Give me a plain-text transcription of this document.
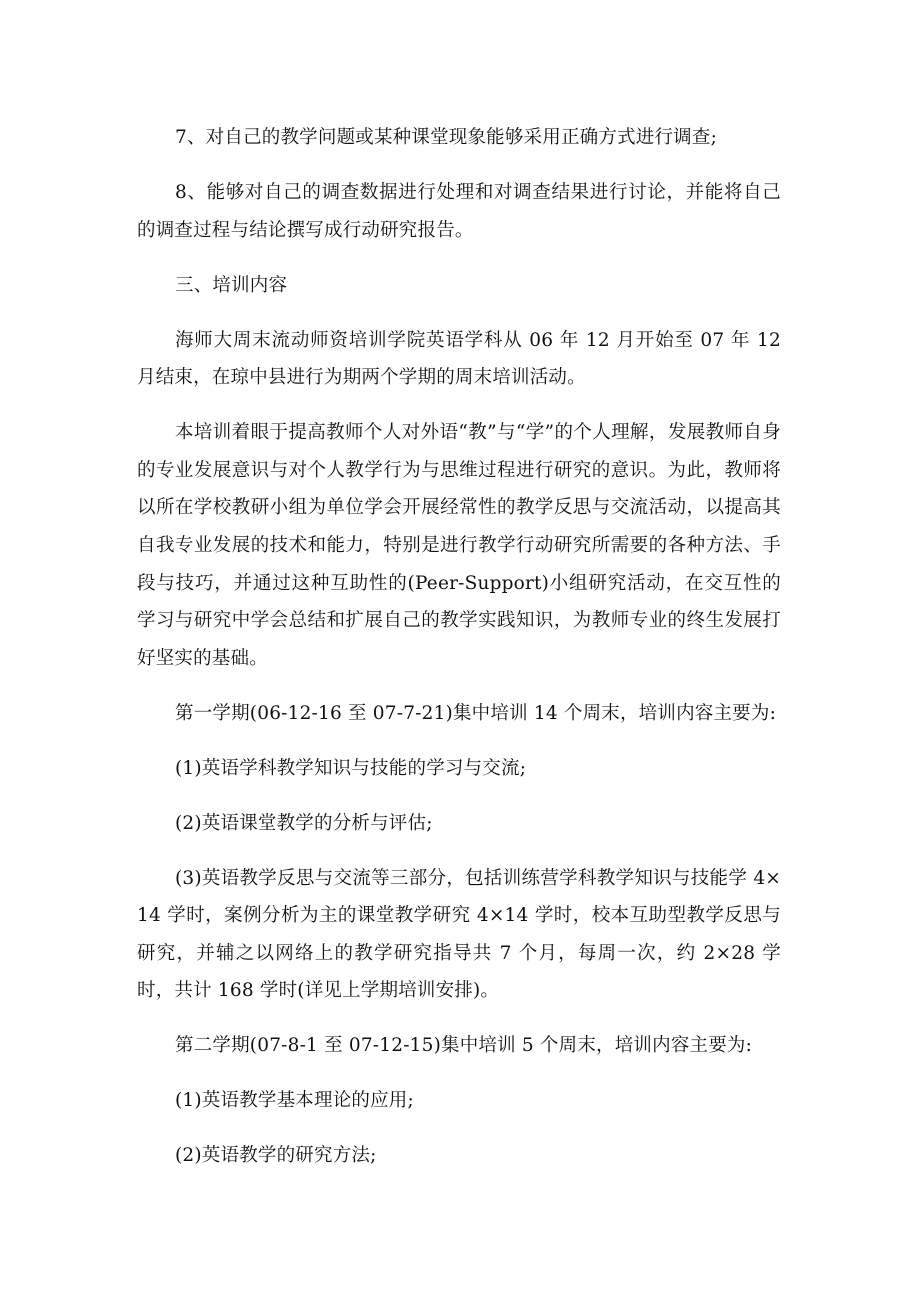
7、对自己的教学问题或某种课堂现象能够采用正确方式进行调查;

8、能够对自己的调查数据进行处理和对调查结果进行讨论，并能将自己的调查过程与结论撰写成行动研究报告。

三、培训内容

海师大周末流动师资培训学院英语学科从 06 年 12 月开始至 07 年 12 月结束，在琼中县进行为期两个学期的周末培训活动。

本培训着眼于提高教师个人对外语“教”与“学”的个人理解，发展教师自身的专业发展意识与对个人教学行为与思维过程进行研究的意识。为此，教师将以所在学校教研小组为单位学会开展经常性的教学反思与交流活动，以提高其自我专业发展的技术和能力，特别是进行教学行动研究所需要的各种方法、手段与技巧，并通过这种互助性的(Peer-Support)小组研究活动，在交互性的学习与研究中学会总结和扩展自己的教学实践知识，为教师专业的终生发展打好坚实的基础。

第一学期(06-12-16 至 07-7-21)集中培训 14 个周末，培训内容主要为:

(1)英语学科教学知识与技能的学习与交流;

(2)英语课堂教学的分析与评估;

(3)英语教学反思与交流等三部分，包括训练营学科教学知识与技能学 4×14 学时，案例分析为主的课堂教学研究 4×14 学时，校本互助型教学反思与研究，并辅之以网络上的教学研究指导共 7 个月，每周一次，约 2×28 学时，共计 168 学时(详见上学期培训安排)。

第二学期(07-8-1 至 07-12-15)集中培训 5 个周末，培训内容主要为:

(1)英语教学基本理论的应用;

(2)英语教学的研究方法;
